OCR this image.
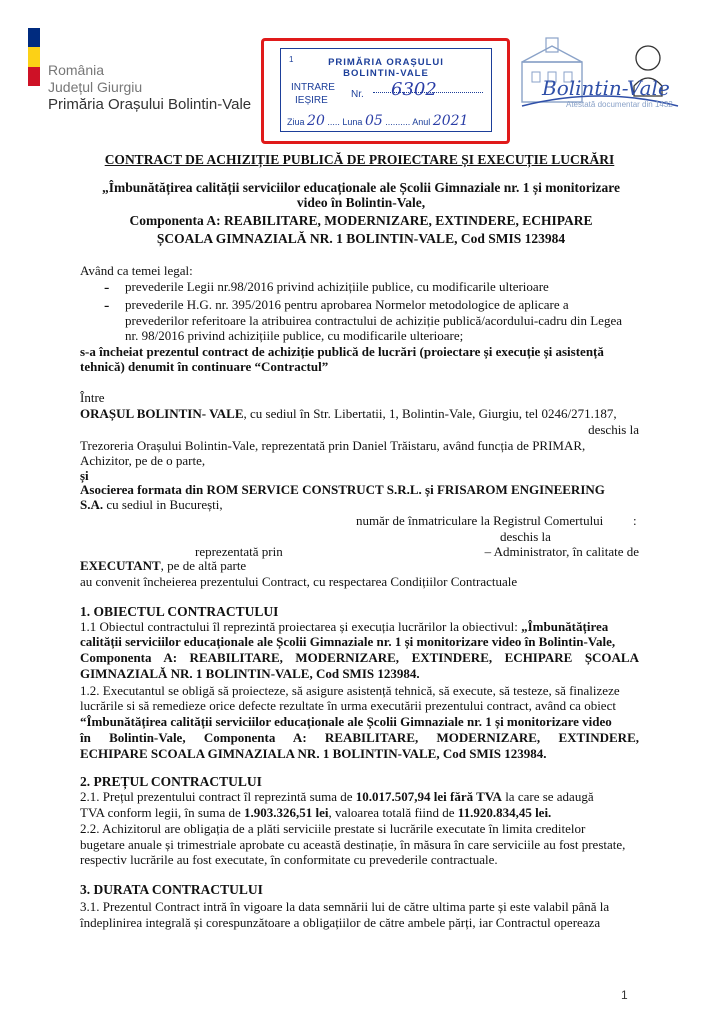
România
Județul Giurgiu
Primăria Orașului Bolintin-Vale
1	PRIMĂRIA ORAȘULUI
BOLINTIN-VALE
INTRARE
IEȘIRE
Nr. 6302
Ziua 20 ..... Luna 05 .......... Anul 2021
Bolintin-Vale
Atestată documentar din 1432
CONTRACT DE ACHIZIȚIE PUBLICĂ DE PROIECTARE ȘI EXECUȚIE LUCRĂRI
„Îmbunătățirea calității serviciilor educaționale ale Școlii Gimnaziale nr. 1 și monitorizare
video în Bolintin-Vale,
Componenta A: REABILITARE, MODERNIZARE, EXTINDERE, ECHIPARE
ȘCOALA GIMNAZIALĂ NR. 1 BOLINTIN-VALE, Cod SMIS 123984
Având ca temei legal:
- prevederile Legii nr.98/2016 privind achizițiile publice, cu modificarile ulterioare
- prevederile H.G. nr. 395/2016 pentru aprobarea Normelor metodologice de aplicare a
prevederilor referitoare la atribuirea contractului de achiziție publică/acordului-cadru din Legea
nr. 98/2016 privind achizițiile publice, cu modificarile ulterioare;
s-a încheiat prezentul contract de achiziție publică de lucrări (proiectare și execuție și asistență
tehnică) denumit în continuare “Contractul”
Între
ORAȘUL BOLINTIN- VALE, cu sediul în Str. Libertatii, 1, Bolintin-Vale, Giurgiu, tel 0246/271.187,
deschis la
Trezoreria Orașului Bolintin-Vale, reprezentată prin Daniel Trăistaru, având funcția de PRIMAR,
Achizitor, pe de o parte,
și
Asocierea formata din ROM SERVICE CONSTRUCT S.R.L. și FRISAROM ENGINEERING
S.A. cu sediul in București,
număr de înmatriculare la Registrul Comertului	:
deschis la
reprezentată prin	– Administrator, în calitate de
EXECUTANT, pe de altă parte
au convenit încheierea prezentului Contract, cu respectarea Condițiilor Contractuale
1. OBIECTUL CONTRACTULUI
1.1 Obiectul contractului îl reprezintă proiectarea și execuția lucrărilor la obiectivul: „Îmbunătățirea
calității serviciilor educaționale ale Școlii Gimnaziale nr. 1 și monitorizare video în Bolintin-Vale,
Componenta A: REABILITARE, MODERNIZARE, EXTINDERE, ECHIPARE ȘCOALA
GIMNAZIALĂ NR. 1 BOLINTIN-VALE, Cod SMIS 123984.
1.2. Executantul se obligă să proiecteze, să asigure asistență tehnică, să execute, să testeze, să finalizeze
lucrările si să remedieze orice defecte rezultate în urma executării prezentului contract, având ca obiect
“Îmbunătățirea calității serviciilor educaționale ale Școlii Gimnaziale nr. 1 și monitorizare video
în Bolintin-Vale, Componenta A: REABILITARE, MODERNIZARE, EXTINDERE,
ECHIPARE SCOALA GIMNAZIALA NR. 1 BOLINTIN-VALE, Cod SMIS 123984.
2. PREȚUL CONTRACTULUI
2.1. Prețul prezentului contract îl reprezintă suma de 10.017.507,94 lei fără TVA la care se adaugă
TVA conform legii, în suma de 1.903.326,51 lei, valoarea totală fiind de 11.920.834,45 lei.
2.2. Achizitorul are obligația de a plăti serviciile prestate si lucrările executate în limita creditelor
bugetare anuale și trimestriale aprobate cu această destinație, în măsura în care serviciile au fost prestate,
respectiv lucrările au fost executate, în conformitate cu prevederile contractuale.
3. DURATA CONTRACTULUI
3.1. Prezentul Contract intră în vigoare la data semnării lui de către ultima parte și este valabil până la
îndeplinirea integrală și corespunzătoare a obligațiilor de către ambele părți, iar Contractul opereaza
1
